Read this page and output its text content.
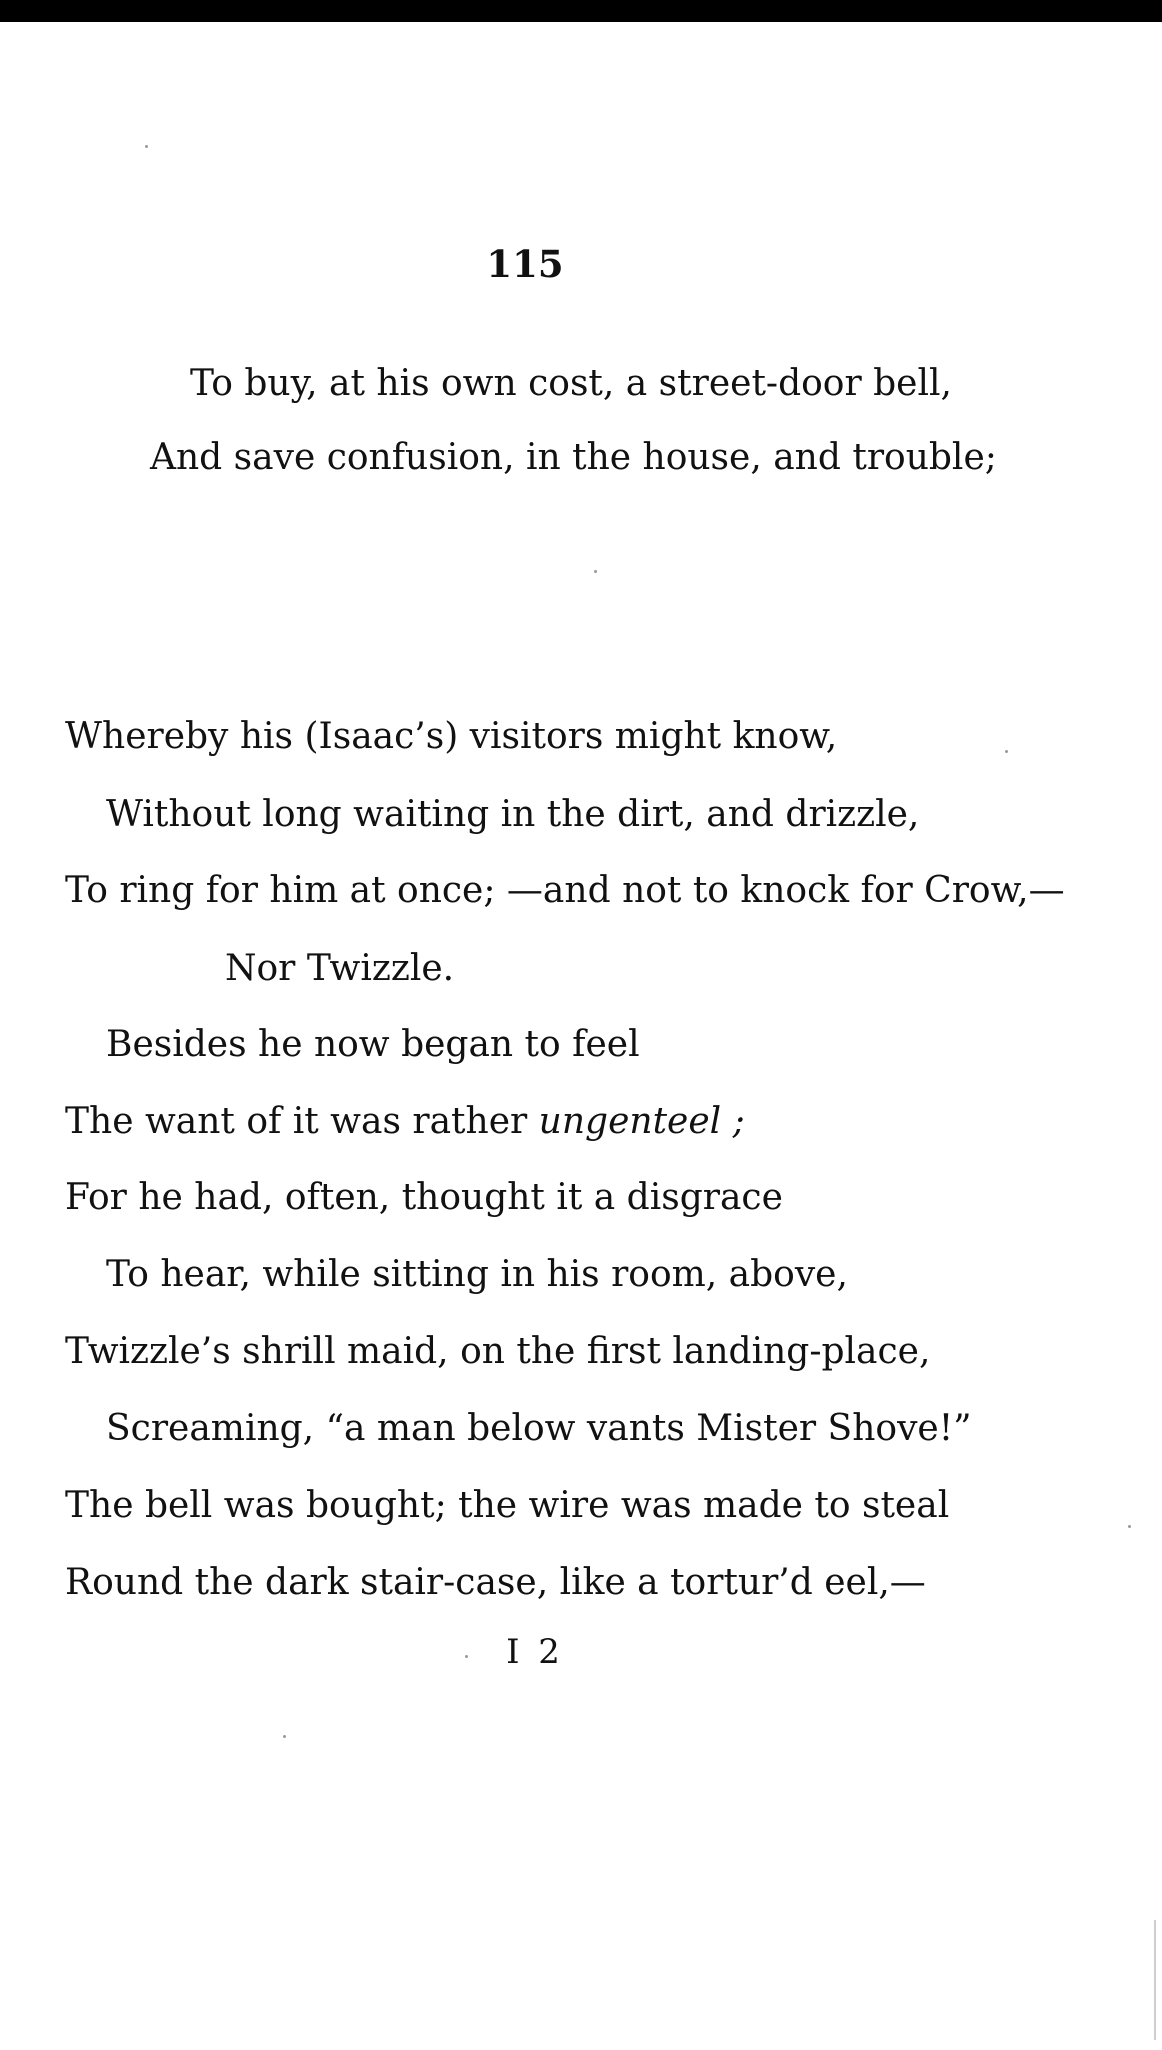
115
To buy, at his own cost, a street-door bell,
And save confusion, in the house, and trouble;
Whereby his (Isaac’s) visitors might know,
Without long waiting in the dirt, and drizzle,
To ring for him at once; —and not to knock for Crow,—
Nor Twizzle.
Besides he now began to feel
The want of it was rather ungenteel ;
For he had, often, thought it a disgrace
To hear, while sitting in his room, above,
Twizzle’s shrill maid, on the first landing-place,
Screaming, “a man below vants Mister Shove!”
The bell was bought; the wire was made to steal
Round the dark stair-case, like a tortur’d eel,—
I 2
